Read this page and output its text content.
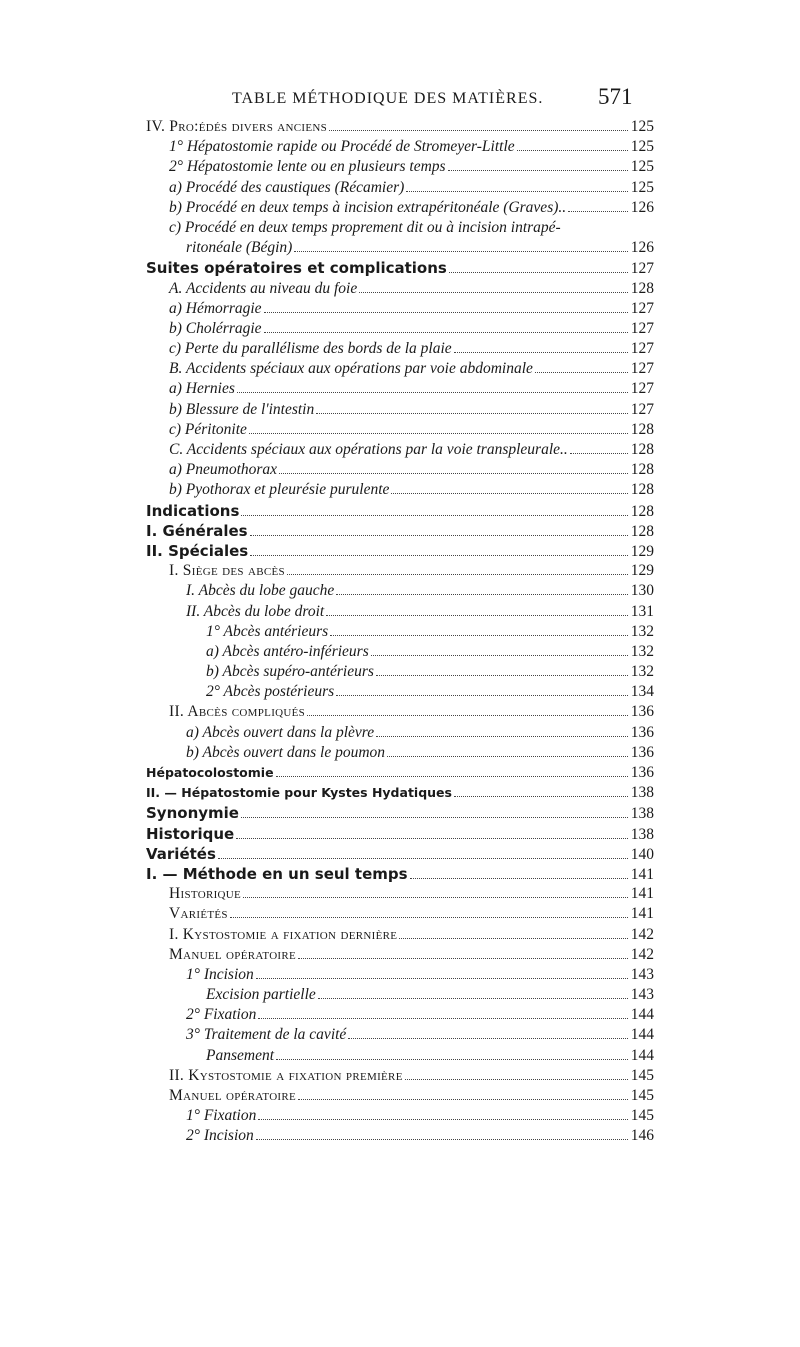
TABLE MÉTHODIQUE DES MATIÈRES. 571
IV. Pro:édés divers anciens	125
1° Hépatostomie rapide ou Procédé de Stromeyer-Little	125
2° Hépatostomie lente ou en plusieurs temps	125
a) Procédé des caustiques (Récamier)	125
b) Procédé en deux temps à incision extrapéritonéale (Graves)..	126
c) Procédé en deux temps proprement dit ou à incision intrapé-
ritonéale (Bégin)	126
Suites opératoires et complications	127
A. Accidents au niveau du foie	128
a) Hémorragie	127
b) Cholérragie	127
c) Perte du parallélisme des bords de la plaie	127
B. Accidents spéciaux aux opérations par voie abdominale	127
a) Hernies	127
b) Blessure de l'intestin	127
c) Péritonite	128
C. Accidents spéciaux aux opérations par la voie transpleurale..	128
a) Pneumothorax	128
b) Pyothorax et pleurésie purulente	128
Indications	128
I. Générales	128
II. Spéciales	129
I. Siège des abcès	129
I. Abcès du lobe gauche	130
II. Abcès du lobe droit	131
1° Abcès antérieurs	132
a) Abcès antéro-inférieurs	132
b) Abcès supéro-antérieurs	132
2° Abcès postérieurs	134
II. Abcès compliqués	136
a) Abcès ouvert dans la plèvre	136
b) Abcès ouvert dans le poumon	136
Hépatocolostomie	136
II. — Hépatostomie pour Kystes Hydatiques	138
Synonymie	138
Historique	138
Variétés	140
I. — Méthode en un seul temps	141
Historique	141
Variétés	141
I. Kystostomie a fixation dernière	142
Manuel opératoire	142
1° Incision	143
Excision partielle	143
2° Fixation	144
3° Traitement de la cavité	144
Pansement	144
II. Kystostomie a fixation première	145
Manuel opératoire	145
1° Fixation	145
2° Incision	146
